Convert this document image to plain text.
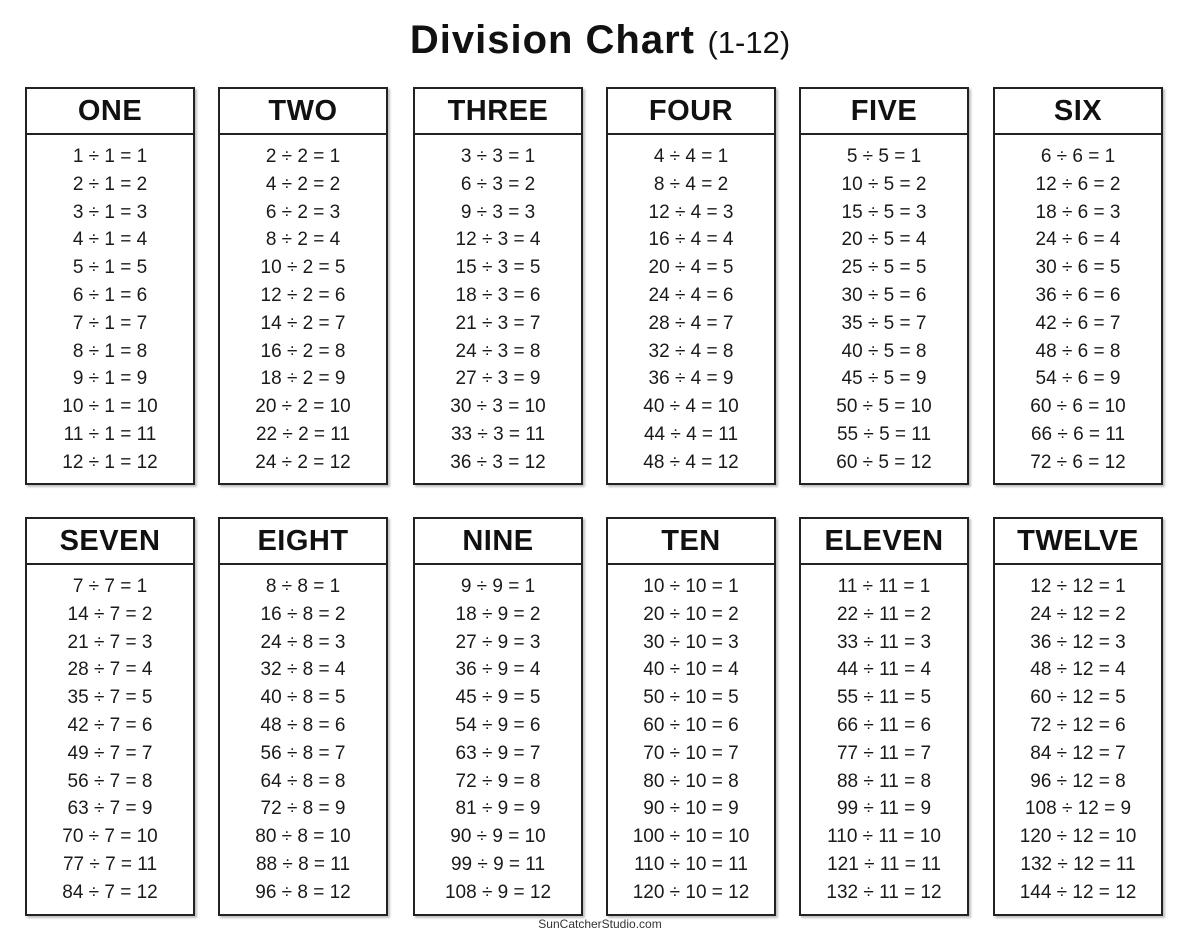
Division Chart (1-12)
ONE
1 ÷ 1 = 1
2 ÷ 1 = 2
3 ÷ 1 = 3
4 ÷ 1 = 4
5 ÷ 1 = 5
6 ÷ 1 = 6
7 ÷ 1 = 7
8 ÷ 1 = 8
9 ÷ 1 = 9
10 ÷ 1 = 10
11 ÷ 1 = 11
12 ÷ 1 = 12
TWO
2 ÷ 2 = 1
4 ÷ 2 = 2
6 ÷ 2 = 3
8 ÷ 2 = 4
10 ÷ 2 = 5
12 ÷ 2 = 6
14 ÷ 2 = 7
16 ÷ 2 = 8
18 ÷ 2 = 9
20 ÷ 2 = 10
22 ÷ 2 = 11
24 ÷ 2 = 12
THREE
3 ÷ 3 = 1
6 ÷ 3 = 2
9 ÷ 3 = 3
12 ÷ 3 = 4
15 ÷ 3 = 5
18 ÷ 3 = 6
21 ÷ 3 = 7
24 ÷ 3 = 8
27 ÷ 3 = 9
30 ÷ 3 = 10
33 ÷ 3 = 11
36 ÷ 3 = 12
FOUR
4 ÷ 4 = 1
8 ÷ 4 = 2
12 ÷ 4 = 3
16 ÷ 4 = 4
20 ÷ 4 = 5
24 ÷ 4 = 6
28 ÷ 4 = 7
32 ÷ 4 = 8
36 ÷ 4 = 9
40 ÷ 4 = 10
44 ÷ 4 = 11
48 ÷ 4 = 12
FIVE
5 ÷ 5 = 1
10 ÷ 5 = 2
15 ÷ 5 = 3
20 ÷ 5 = 4
25 ÷ 5 = 5
30 ÷ 5 = 6
35 ÷ 5 = 7
40 ÷ 5 = 8
45 ÷ 5 = 9
50 ÷ 5 = 10
55 ÷ 5 = 11
60 ÷ 5 = 12
SIX
6 ÷ 6 = 1
12 ÷ 6 = 2
18 ÷ 6 = 3
24 ÷ 6 = 4
30 ÷ 6 = 5
36 ÷ 6 = 6
42 ÷ 6 = 7
48 ÷ 6 = 8
54 ÷ 6 = 9
60 ÷ 6 = 10
66 ÷ 6 = 11
72 ÷ 6 = 12
SEVEN
7 ÷ 7 = 1
14 ÷ 7 = 2
21 ÷ 7 = 3
28 ÷ 7 = 4
35 ÷ 7 = 5
42 ÷ 7 = 6
49 ÷ 7 = 7
56 ÷ 7 = 8
63 ÷ 7 = 9
70 ÷ 7 = 10
77 ÷ 7 = 11
84 ÷ 7 = 12
EIGHT
8 ÷ 8 = 1
16 ÷ 8 = 2
24 ÷ 8 = 3
32 ÷ 8 = 4
40 ÷ 8 = 5
48 ÷ 8 = 6
56 ÷ 8 = 7
64 ÷ 8 = 8
72 ÷ 8 = 9
80 ÷ 8 = 10
88 ÷ 8 = 11
96 ÷ 8 = 12
NINE
9 ÷ 9 = 1
18 ÷ 9 = 2
27 ÷ 9 = 3
36 ÷ 9 = 4
45 ÷ 9 = 5
54 ÷ 9 = 6
63 ÷ 9 = 7
72 ÷ 9 = 8
81 ÷ 9 = 9
90 ÷ 9 = 10
99 ÷ 9 = 11
108 ÷ 9 = 12
TEN
10 ÷ 10 = 1
20 ÷ 10 = 2
30 ÷ 10 = 3
40 ÷ 10 = 4
50 ÷ 10 = 5
60 ÷ 10 = 6
70 ÷ 10 = 7
80 ÷ 10 = 8
90 ÷ 10 = 9
100 ÷ 10 = 10
110 ÷ 10 = 11
120 ÷ 10 = 12
ELEVEN
11 ÷ 11 = 1
22 ÷ 11 = 2
33 ÷ 11 = 3
44 ÷ 11 = 4
55 ÷ 11 = 5
66 ÷ 11 = 6
77 ÷ 11 = 7
88 ÷ 11 = 8
99 ÷ 11 = 9
110 ÷ 11 = 10
121 ÷ 11 = 11
132 ÷ 11 = 12
TWELVE
12 ÷ 12 = 1
24 ÷ 12 = 2
36 ÷ 12 = 3
48 ÷ 12 = 4
60 ÷ 12 = 5
72 ÷ 12 = 6
84 ÷ 12 = 7
96 ÷ 12 = 8
108 ÷ 12 = 9
120 ÷ 12 = 10
132 ÷ 12 = 11
144 ÷ 12 = 12
SunCatcherStudio.com
